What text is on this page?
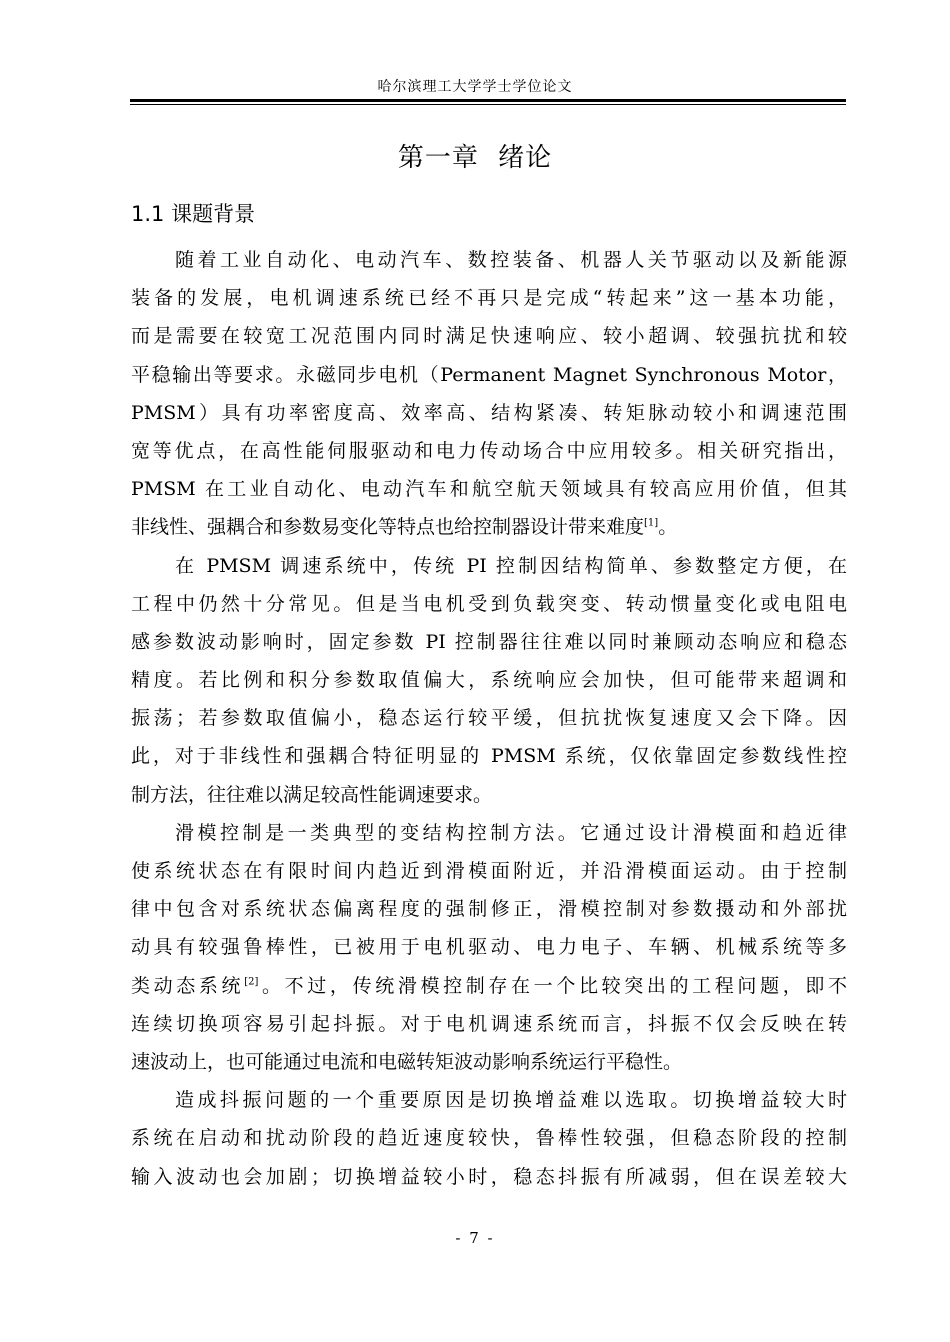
哈尔滨理工大学学士学位论文
第一章 绪论
1.1 课题背景
随着工业自动化、电动汽车、数控装备、机器人关节驱动以及新能源
装备的发展，电机调速系统已经不再只是完成“转起来”这一基本功能，
而是需要在较宽工况范围内同时满足快速响应、较小超调、较强抗扰和较
平稳输出等要求。永磁同步电机（Permanent Magnet Synchronous Motor，
PMSM）具有功率密度高、效率高、结构紧凑、转矩脉动较小和调速范围
宽等优点，在高性能伺服驱动和电力传动场合中应用较多。相关研究指出，
PMSM 在工业自动化、电动汽车和航空航天领域具有较高应用价值，但其
非线性、强耦合和参数易变化等特点也给控制器设计带来难度[1]。
在 PMSM 调速系统中，传统 PI 控制因结构简单、参数整定方便，在
工程中仍然十分常见。但是当电机受到负载突变、转动惯量变化或电阻电
感参数波动影响时，固定参数 PI 控制器往往难以同时兼顾动态响应和稳态
精度。若比例和积分参数取值偏大，系统响应会加快，但可能带来超调和
振荡；若参数取值偏小，稳态运行较平缓，但抗扰恢复速度又会下降。因
此，对于非线性和强耦合特征明显的 PMSM 系统，仅依靠固定参数线性控
制方法，往往难以满足较高性能调速要求。
滑模控制是一类典型的变结构控制方法。它通过设计滑模面和趋近律
使系统状态在有限时间内趋近到滑模面附近，并沿滑模面运动。由于控制
律中包含对系统状态偏离程度的强制修正，滑模控制对参数摄动和外部扰
动具有较强鲁棒性，已被用于电机驱动、电力电子、车辆、机械系统等多
类动态系统[2]。不过，传统滑模控制存在一个比较突出的工程问题，即不
连续切换项容易引起抖振。对于电机调速系统而言，抖振不仅会反映在转
速波动上，也可能通过电流和电磁转矩波动影响系统运行平稳性。
造成抖振问题的一个重要原因是切换增益难以选取。切换增益较大时
系统在启动和扰动阶段的趋近速度较快，鲁棒性较强，但稳态阶段的控制
输入波动也会加剧；切换增益较小时，稳态抖振有所减弱，但在误差较大
- 7 -
